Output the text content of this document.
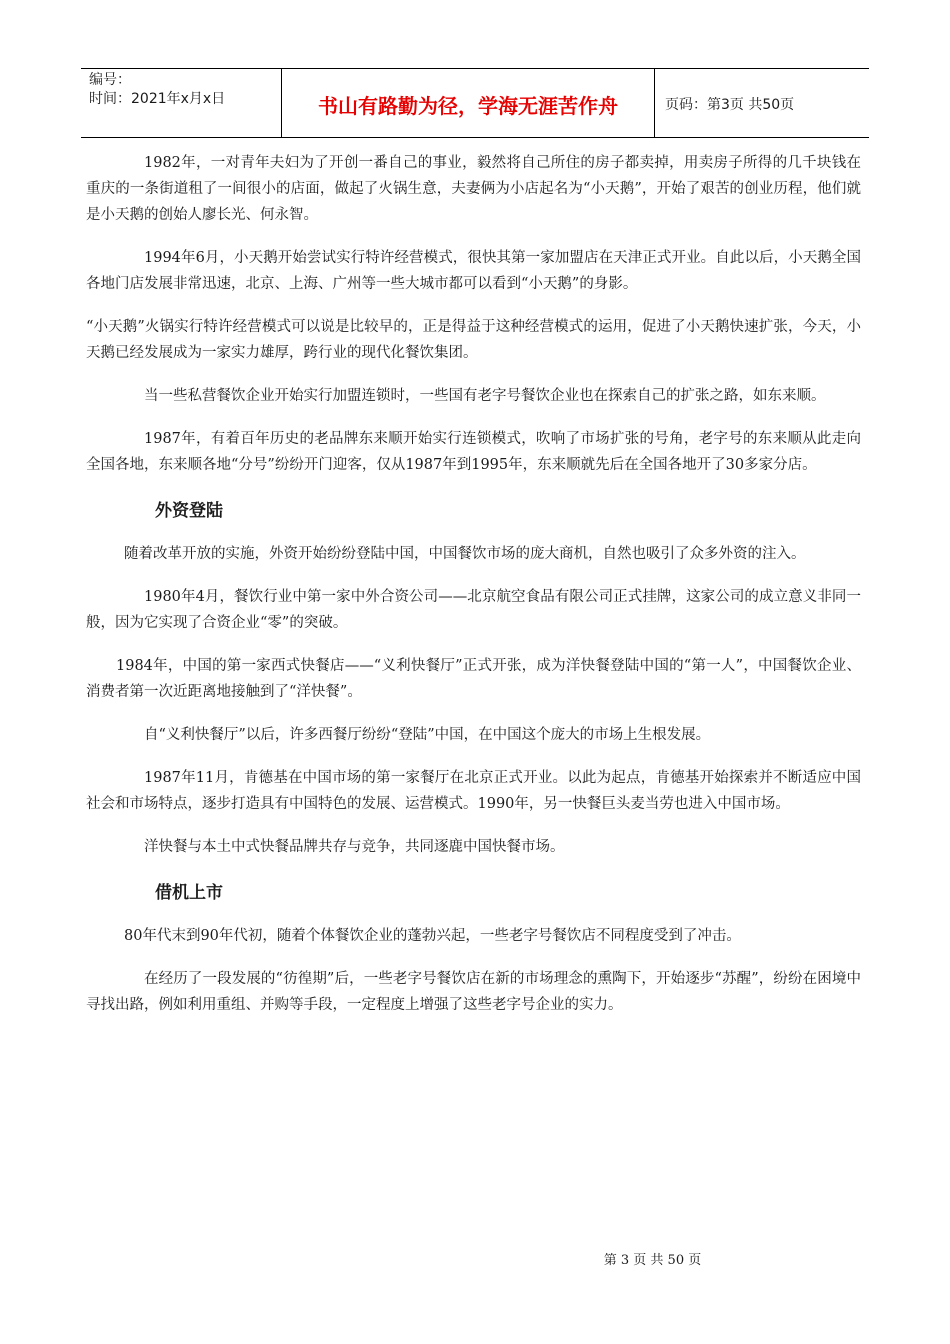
编号：
时间：2021年x月x日	书山有路勤为径，学海无涯苦作舟	页码：第3页 共50页

1982年，一对青年夫妇为了开创一番自己的事业，毅然将自己所住的房子都卖掉，用卖房子所得的几千块钱在重庆的一条街道租了一间很小的店面，做起了火锅生意，夫妻俩为小店起名为“小天鹅”，开始了艰苦的创业历程，他们就是小天鹅的创始人廖长光、何永智。

1994年6月，小天鹅开始尝试实行特许经营模式，很快其第一家加盟店在天津正式开业。自此以后，小天鹅全国各地门店发展非常迅速，北京、上海、广州等一些大城市都可以看到“小天鹅”的身影。

“小天鹅”火锅实行特许经营模式可以说是比较早的，正是得益于这种经营模式的运用，促进了小天鹅快速扩张，今天，小天鹅已经发展成为一家实力雄厚，跨行业的现代化餐饮集团。

当一些私营餐饮企业开始实行加盟连锁时，一些国有老字号餐饮企业也在探索自己的扩张之路，如东来顺。

1987年，有着百年历史的老品牌东来顺开始实行连锁模式，吹响了市场扩张的号角，老字号的东来顺从此走向全国各地，东来顺各地“分号”纷纷开门迎客，仅从1987年到1995年，东来顺就先后在全国各地开了30多家分店。

外资登陆

随着改革开放的实施，外资开始纷纷登陆中国，中国餐饮市场的庞大商机，自然也吸引了众多外资的注入。

1980年4月，餐饮行业中第一家中外合资公司——北京航空食品有限公司正式挂牌，这家公司的成立意义非同一般，因为它实现了合资企业“零”的突破。

1984年，中国的第一家西式快餐店——“义利快餐厅”正式开张，成为洋快餐登陆中国的“第一人”，中国餐饮企业、消费者第一次近距离地接触到了“洋快餐”。

自“义利快餐厅”以后，许多西餐厅纷纷“登陆”中国，在中国这个庞大的市场上生根发展。

1987年11月，肯德基在中国市场的第一家餐厅在北京正式开业。以此为起点，肯德基开始探索并不断适应中国社会和市场特点，逐步打造具有中国特色的发展、运营模式。1990年，另一快餐巨头麦当劳也进入中国市场。

洋快餐与本土中式快餐品牌共存与竞争，共同逐鹿中国快餐市场。

借机上市

80年代末到90年代初，随着个体餐饮企业的蓬勃兴起，一些老字号餐饮店不同程度受到了冲击。

在经历了一段发展的“彷徨期”后，一些老字号餐饮店在新的市场理念的熏陶下，开始逐步“苏醒”，纷纷在困境中寻找出路，例如利用重组、并购等手段，一定程度上增强了这些老字号企业的实力。

第 3 页 共 50 页
